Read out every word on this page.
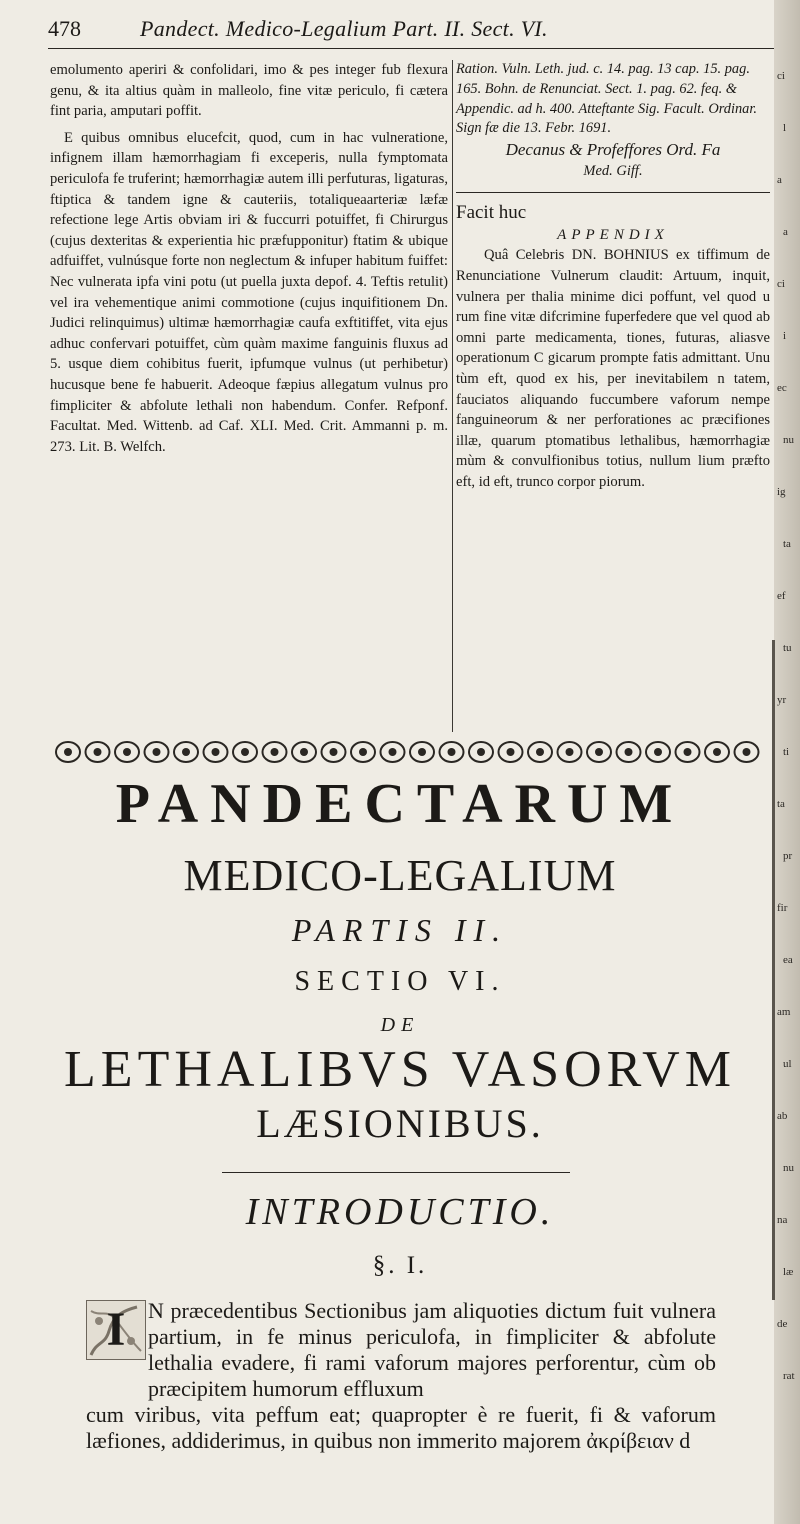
478	Pandect. Medico-Legalium Part. II. Sect. VI.

emolumento aperiri & confolidari, imo & pes integer fub flexura genu, & ita altius quàm in malleolo, fine vitæ periculo, fi cætera fint paria, amputari poffit.

E quibus omnibus elucefcit, quod, cum in hac vulneratione, infignem illam hæmorrhagiam fi exceperis, nulla fymptomata periculofa fe truferint; hæmorrhagiæ autem illi perfuturas, ligaturas, ftiptica & tandem igne & cauteriis, totaliqueaarteriæ læfæ refectione lege Artis obviam iri & fuccurri potuiffet, fi Chirurgus (cujus dexteritas & experientia hic præfupponitur) ftatim & ubique adfuiffet, vulnúsque forte non neglectum & infuper habitum fuiffet: Nec vulnerata ipfa vini potu (ut puella juxta depof. 4. Teftis retulit) vel ira vehementique animi commotione (cujus inquifitionem Dn. Judici relinquimus) ultimæ hæmorrhagiæ caufa exftitiffet, vita ejus adhuc confervari potuiffet, cùm quàm maxime fanguinis fluxus ad 5. usque diem cohibitus fuerit, ipfumque vulnus (ut perhibetur) hucusque bene fe habuerit. Adeoque fæpius allegatum vulnus pro fimpliciter & abfolute lethali non habendum. Confer. Refponf. Facultat. Med. Wittenb. ad Caf. XLI. Med. Crit. Ammanni p. m. 273. Lit. B. Welfch.

Ration. Vuln. Leth. jud. c. 14. pag. 13 cap. 15. pag. 165. Bohn. de Renunciat. Sect. 1. pag. 62. feq. & Appendic. ad h. 400. Atteftante Sig. Facult. Ordinar. Sign fæ die 13. Febr. 1691.

Decanus & Profeffores Ord. Fa

Med. Giff.

Facit huc

APPENDIX

Quâ Celebris DN. BOHNIUS ex tiffimum de Renunciatione Vulnerum claudit: Artuum, inquit, vulnera per thalia minime dici poffunt, vel quod u rum fine vitæ difcrimine fuperfedere que vel quod ab omni parte medicamenta, tiones, futuras, aliasve operationum C gicarum prompte fatis admittant. Unu tùm eft, quod ex his, per inevitabilem n tatem, fauciatos aliquando fuccumbere vaforum nempe fanguineorum & ner perforationes ac præcifiones illæ, quarum ptomatibus lethalibus, hæmorrhagiæ mùm & convulfionibus totius, nullum lium præfto eft, id eft, trunco corpor piorum.

PANDECTARUM
MEDICO-LEGALIUM
PARTIS II.
SECTIO VI.
DE
LETHALIBVS VASORVM
LÆSIONIBUS.
INTRODUCTIO.
§. I.
I	N præcedentibus Sectionibus jam aliquoties dictum fuit vulnera partium, in fe minus periculofa, in fimpliciter & abfolute lethalia evadere, fi rami vaforum majores perforentur, cùm ob præcipitem humorum effluxum
cum viribus, vita peffum eat; quapropter è re fuerit, fi & vaforum læfiones, addiderimus, in quibus non immerito majorem ἀκρίβειαν d

ci
l
a
a
ci
i
ec
nu
ig
ta
ef
tu
yr
ti
ta
pr
fir
ea
am
ul
ab
nu
na
læ
de
rat
